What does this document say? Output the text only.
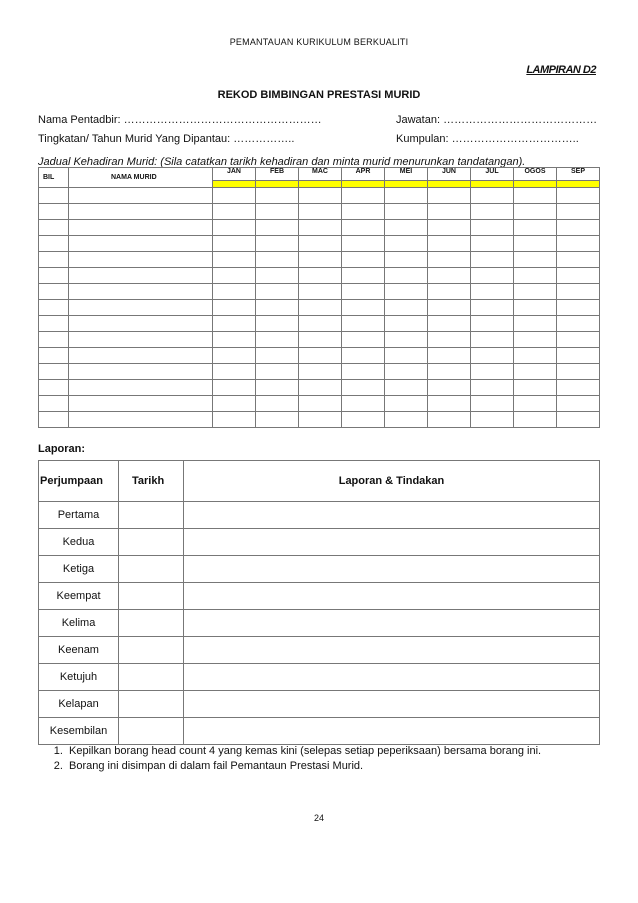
PEMANTAUAN KURIKULUM BERKUALITI
LAMPIRAN D2
REKOD BIMBINGAN PRESTASI MURID
Nama Pentadbir: ………………………………………………	Jawatan: ……………………………………
Tingkatan/ Tahun Murid Yang Dipantau: ……………..	Kumpulan: ……………………………..
Jadual Kehadiran Murid: (Sila catatkan tarikh kehadiran dan minta murid menurunkan tandatangan).
BIL	NAMA MURID	JAN	FEB	MAC	APR	MEI	JUN	JUL	OGOS	SEP

Laporan:
Perjumpaan	Tarikh	Laporan & Tindakan
Pertama		
Kedua		
Ketiga		
Keempat		
Kelima		
Keenam		
Ketujuh		
Kelapan		
Kesembilan		
1. Kepilkan borang head count 4 yang kemas kini (selepas setiap peperiksaan) bersama borang ini.
2. Borang ini disimpan di dalam fail Pemantaun Prestasi Murid.
24
